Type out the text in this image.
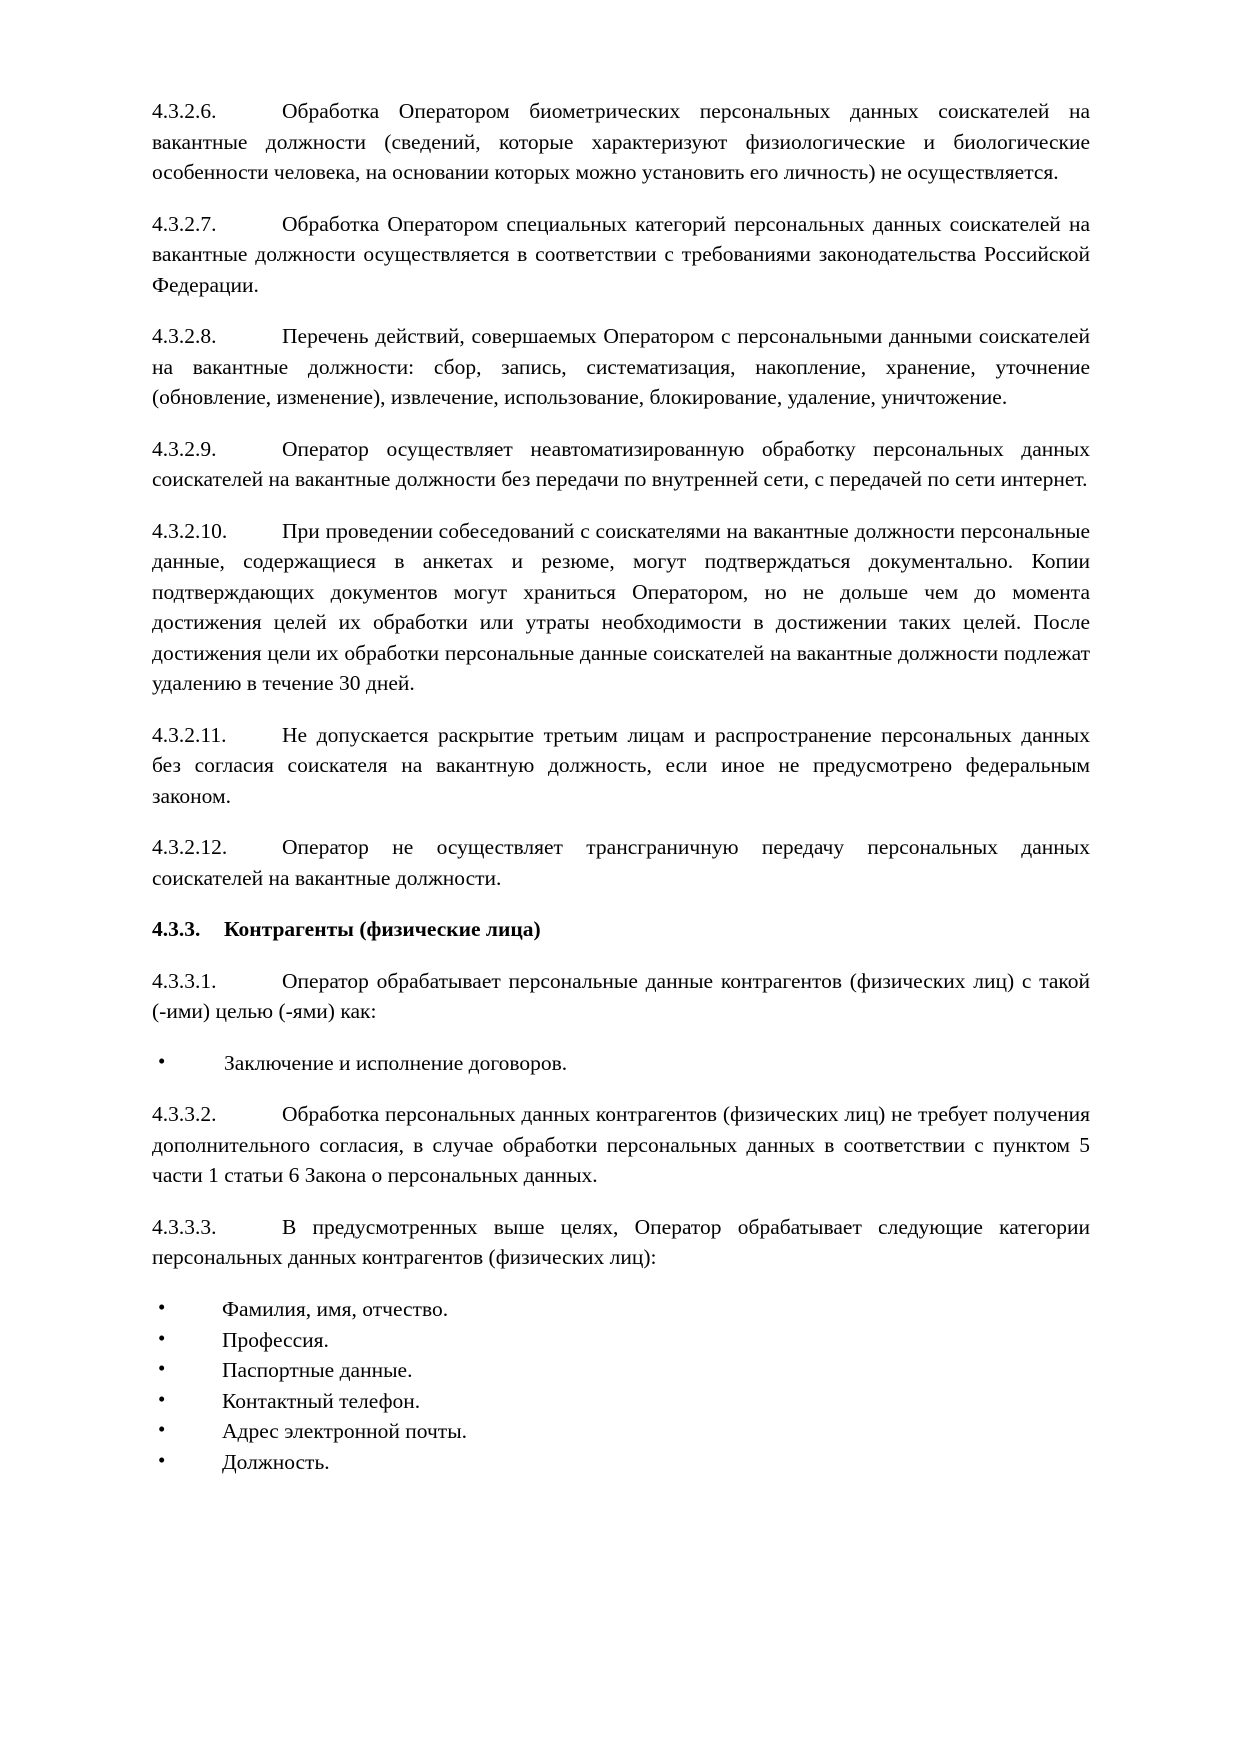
4.3.2.6.	Обработка Оператором биометрических персональных данных соискателей на вакантные должности (сведений, которые характеризуют физиологические и биологические особенности человека, на основании которых можно установить его личность) не осуществляется.

4.3.2.7.	Обработка Оператором специальных категорий персональных данных соискателей на вакантные должности осуществляется в соответствии с требованиями законодательства Российской Федерации.

4.3.2.8.	Перечень действий, совершаемых Оператором с персональными данными соискателей на вакантные должности: сбор, запись, систематизация, накопление, хранение, уточнение (обновление, изменение), извлечение, использование, блокирование, удаление, уничтожение.

4.3.2.9.	Оператор осуществляет неавтоматизированную обработку персональных данных соискателей на вакантные должности без передачи по внутренней сети, с передачей по сети интернет.

4.3.2.10.	При проведении собеседований с соискателями на вакантные должности персональные данные, содержащиеся в анкетах и резюме, могут подтверждаться документально. Копии подтверждающих документов могут храниться Оператором, но не дольше чем до момента достижения целей их обработки или утраты необходимости в достижении таких целей. После достижения цели их обработки персональные данные соискателей на вакантные должности подлежат удалению в течение 30 дней.

4.3.2.11.	Не допускается раскрытие третьим лицам и распространение персональных данных без согласия соискателя на вакантную должность, если иное не предусмотрено федеральным законом.

4.3.2.12.	Оператор не осуществляет трансграничную передачу персональных данных соискателей на вакантные должности.

4.3.3. Контрагенты (физические лица)

4.3.3.1.	Оператор обрабатывает персональные данные контрагентов (физических лиц) с такой (-ими) целью (-ями) как:

• Заключение и исполнение договоров.

4.3.3.2.	Обработка персональных данных контрагентов (физических лиц) не требует получения дополнительного согласия, в случае обработки персональных данных в соответствии с пунктом 5 части 1 статьи 6 Закона о персональных данных.

4.3.3.3.	В предусмотренных выше целях, Оператор обрабатывает следующие категории персональных данных контрагентов (физических лиц):

• Фамилия, имя, отчество.
• Профессия.
• Паспортные данные.
• Контактный телефон.
• Адрес электронной почты.
• Должность.
